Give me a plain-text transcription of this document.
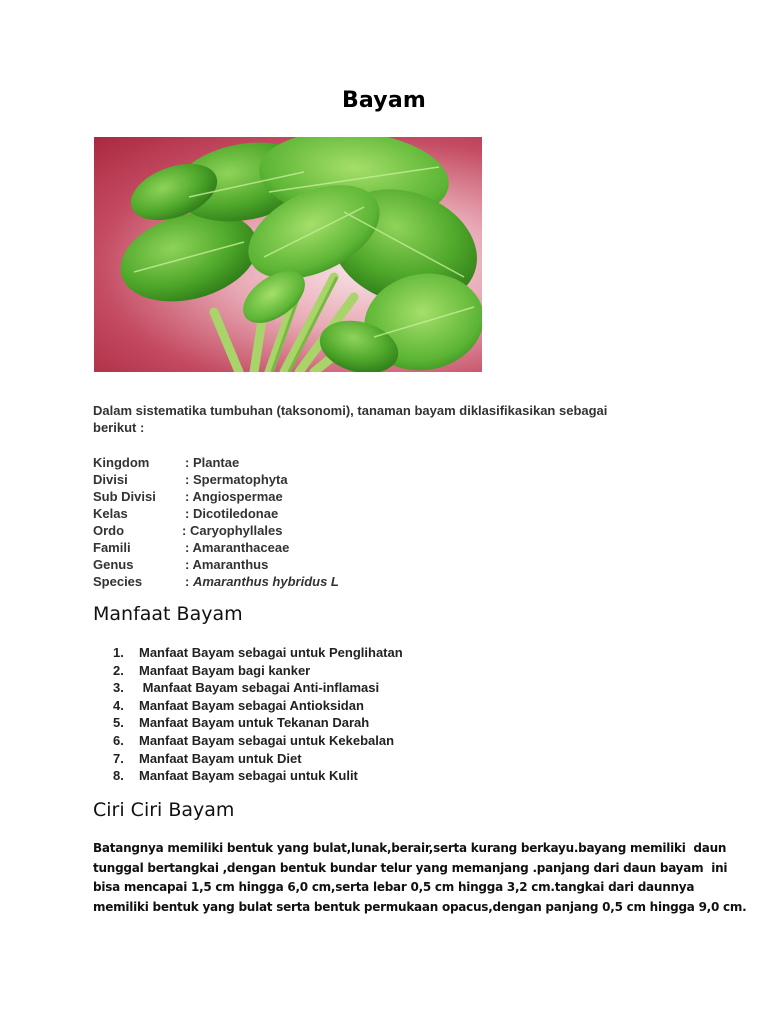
Bayam
Dalam sistematika tumbuhan (taksonomi), tanaman bayam diklasifikasikan sebagai
berikut :
Kingdom	: Plantae
Divisi	: Spermatophyta
Sub Divisi : Angiospermae
Kelas	: Dicotiledonae
Ordo	: Caryophyllales
Famili	: Amaranthaceae
Genus	: Amaranthus
Species	: Amaranthus hybridus L
Manfaat Bayam
1. Manfaat Bayam sebagai untuk Penglihatan
2. Manfaat Bayam bagi kanker
3. Manfaat Bayam sebagai Anti-inflamasi
4. Manfaat Bayam sebagai Antioksidan
5. Manfaat Bayam untuk Tekanan Darah
6. Manfaat Bayam sebagai untuk Kekebalan
7. Manfaat Bayam untuk Diet
8. Manfaat Bayam sebagai untuk Kulit
Ciri Ciri Bayam
Batangnya memiliki bentuk yang bulat,lunak,berair,serta kurang berkayu.bayang memiliki  daun
tunggal bertangkai ,dengan bentuk bundar telur yang memanjang .panjang dari daun bayam  ini
bisa mencapai 1,5 cm hingga 6,0 cm,serta lebar 0,5 cm hingga 3,2 cm.tangkai dari daunnya
memiliki bentuk yang bulat serta bentuk permukaan opacus,dengan panjang 0,5 cm hingga 9,0 cm.
